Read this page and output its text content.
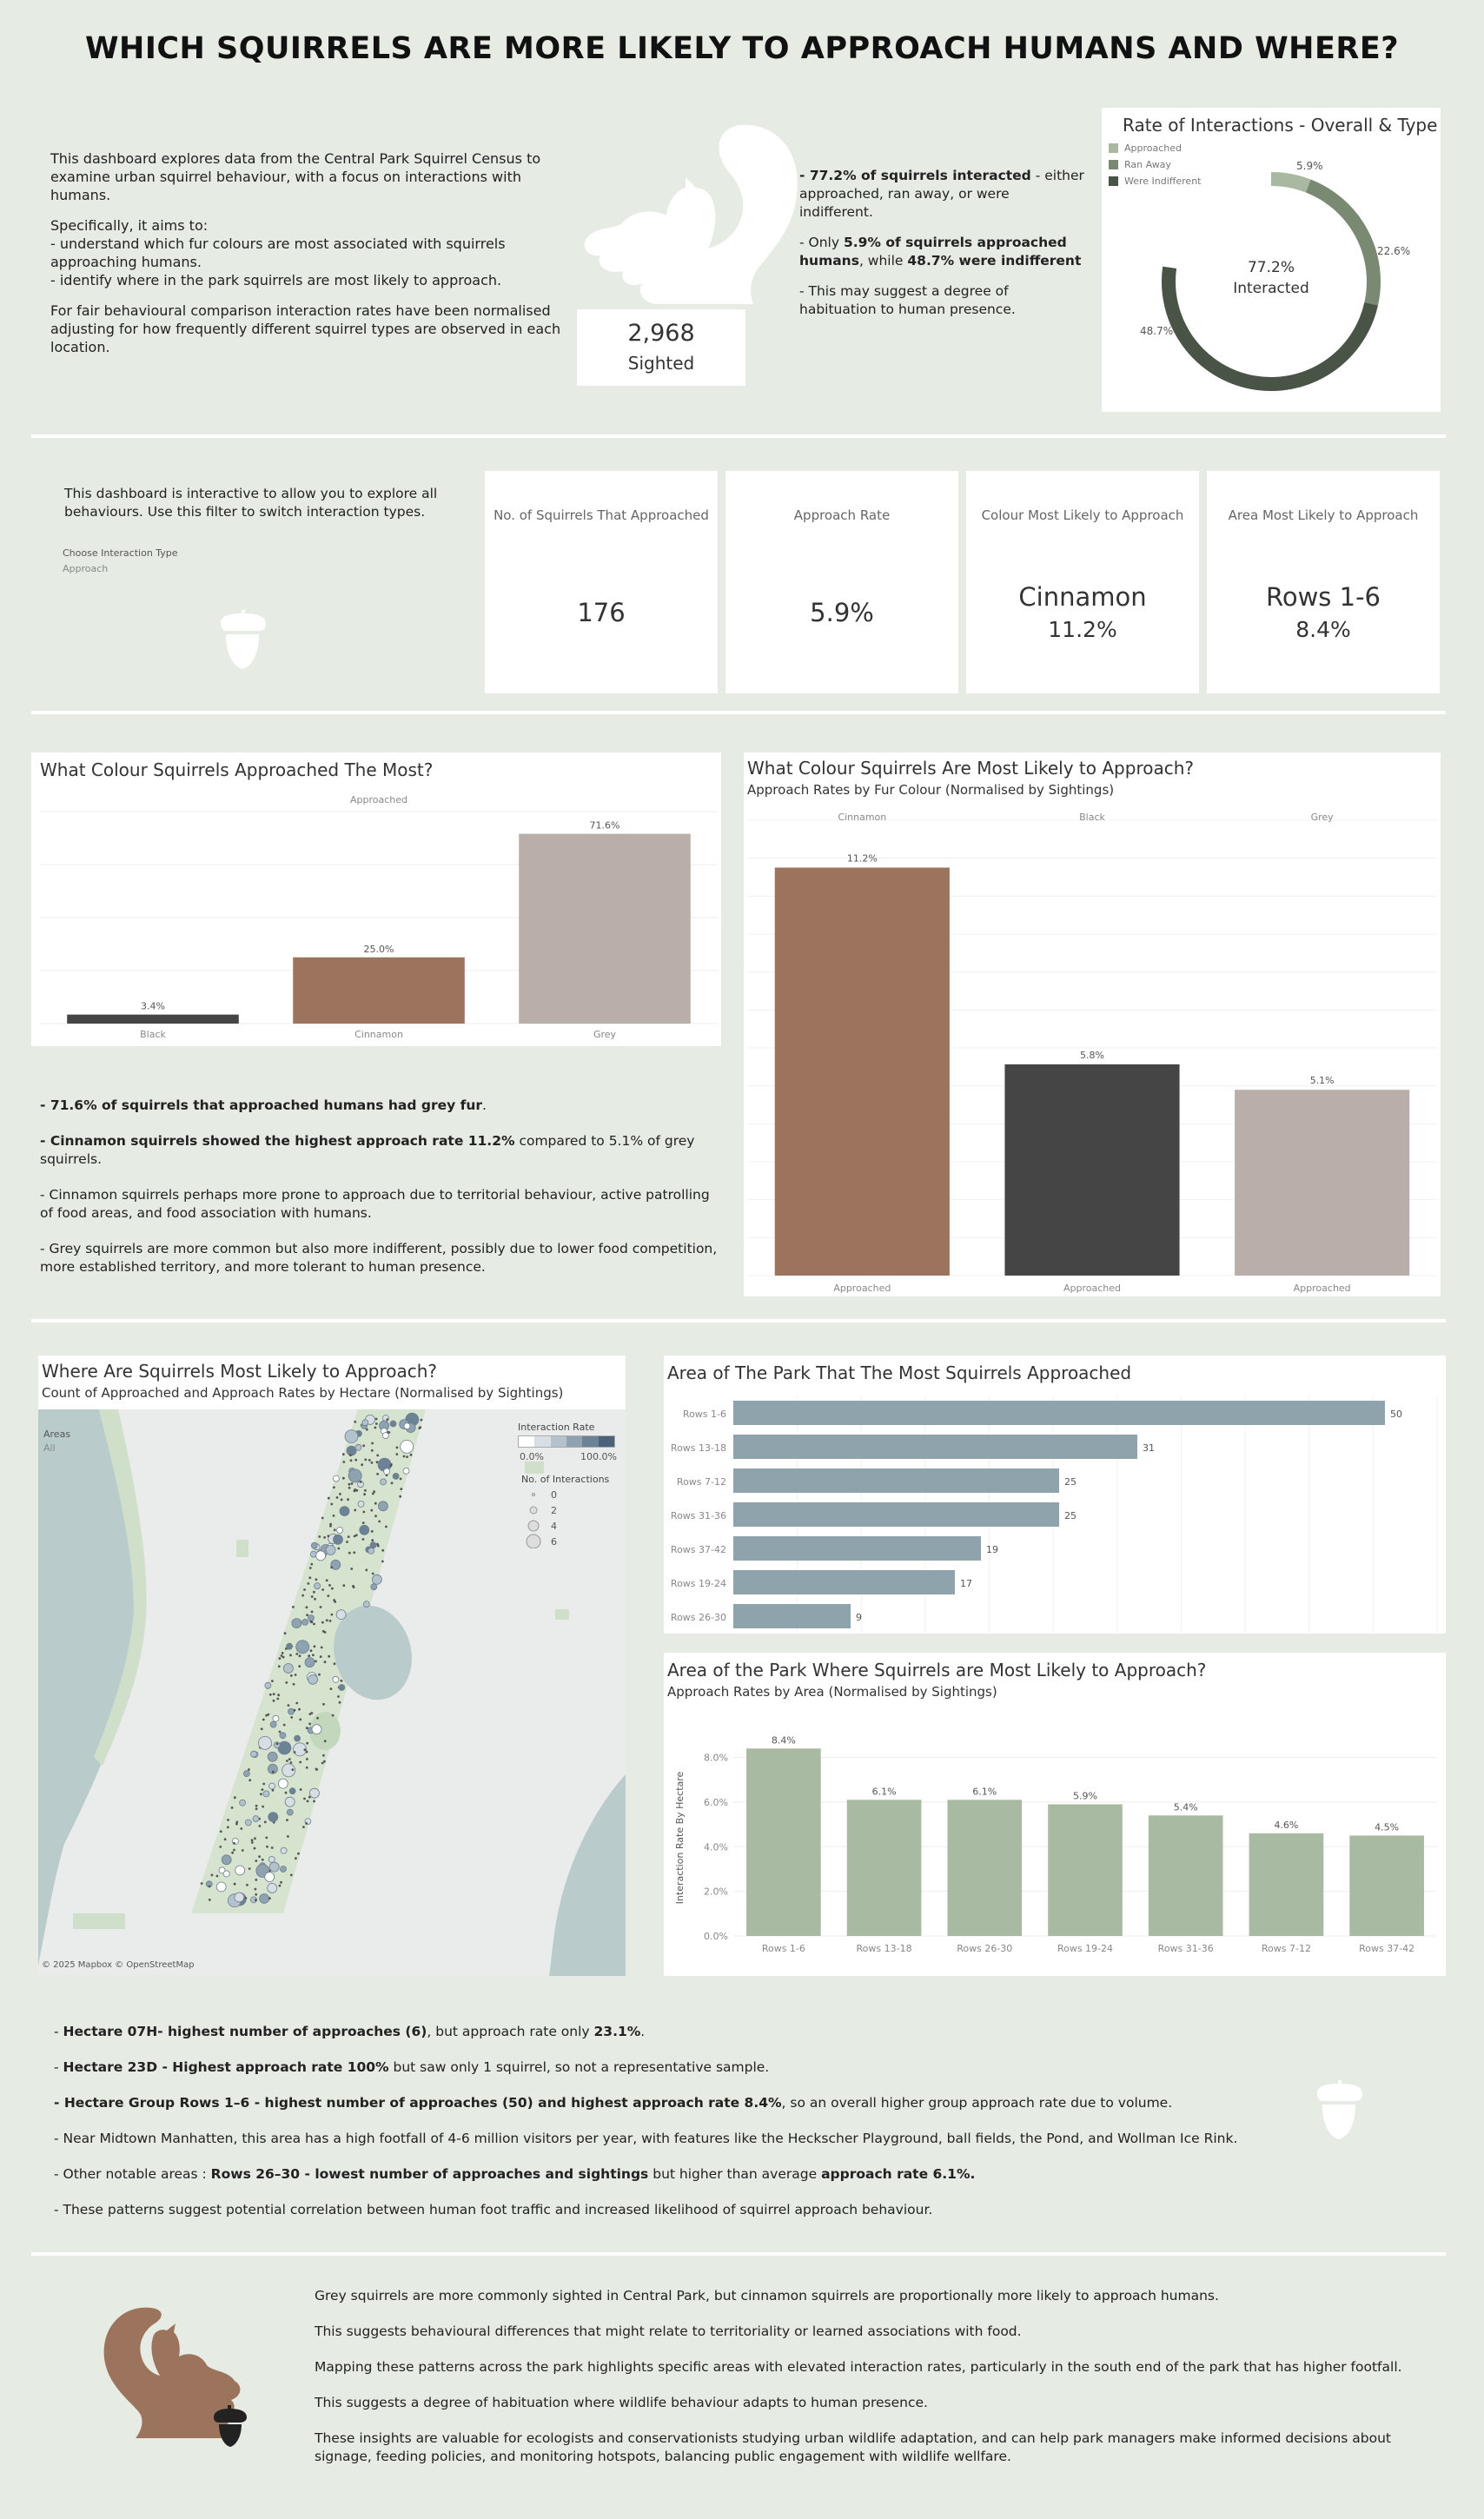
WHICH SQUIRRELS ARE MORE LIKELY TO APPROACH HUMANS AND WHERE?

This dashboard explores data from the Central Park Squirrel Census to examine urban squirrel behaviour, with a focus on interactions with humans.

Specifically, it aims to:
- understand which fur colours are most associated with squirrels approaching humans.
- identify where in the park squirrels are most likely to approach.

For fair behavioural comparison interaction rates have been normalised adjusting for how frequently different squirrel types are observed in each location.

2,968
Sighted

- 77.2% of squirrels interacted - either approached, ran away, or were indifferent.

- Only 5.9% of squirrels approached humans, while 48.7% were indifferent

- This may suggest a degree of habituation to human presence.

Rate of Interactions - Overall & Type
Approached
Ran Away
Were Indifferent
77.2%
Interacted
5.9%
22.6%
48.7%
This dashboard is interactive to allow you to explore all behaviours. Use this filter to switch interaction types.
Choose Interaction Type
Approach
No. of Squirrels That Approached
176
Approach Rate
5.9%
Colour Most Likely to Approach
Cinnamon
11.2%
Area Most Likely to Approach
Rows 1-6
8.4%
What Colour Squirrels Approached The Most?
Approached
3.4%
Black
25.0%
Cinnamon
71.6%
Grey

- 71.6% of squirrels that approached humans had grey fur.

- Cinnamon squirrels showed the highest approach rate 11.2% compared to 5.1% of grey squirrels.

- Cinnamon squirrels perhaps more prone to approach due to territorial behaviour, active patrolling of food areas, and food association with humans.

- Grey squirrels are more common but also more indifferent, possibly due to lower food competition, more established territory, and more tolerant to human presence.

What Colour Squirrels Are Most Likely to Approach?
Approach Rates by Fur Colour (Normalised by Sightings)
Cinnamon
11.2%
Approached
Black
5.8%
Approached
Grey
5.1%
Approached
Where Are Squirrels Most Likely to Approach?
Count of Approached and Approach Rates by Hectare (Normalised by Sightings)
Areas
All
Interaction Rate
0.0%	100.0%
No. of Interactions
0
2
4
6
© 2025 Mapbox © OpenStreetMap
Area of The Park That The Most Squirrels Approached
Rows 1-6	50
Rows 13-18	31
Rows 7-12	25
Rows 31-36	25
Rows 37-42	19
Rows 19-24	17
Rows 26-30	9
Area of the Park Where Squirrels are Most Likely to Approach?
Approach Rates by Area (Normalised by Sightings)
0.0%
2.0%
4.0%
6.0%
8.0%
Interaction Rate By Hectare
8.4%
Rows 1-6
6.1%
Rows 13-18
6.1%
Rows 26-30
5.9%
Rows 19-24
5.4%
Rows 31-36
4.6%
Rows 7-12
4.5%
Rows 37-42

- Hectare 07H- highest number of approaches (6), but approach rate only 23.1%.

- Hectare 23D - Highest approach rate 100% but saw only 1 squirrel, so not a representative sample.

- Hectare Group Rows 1–6 - highest number of approaches (50) and highest approach rate 8.4%, so an overall higher group approach rate due to volume.

- Near Midtown Manhatten, this area has a high footfall of 4-6 million visitors per year, with features like the Heckscher Playground, ball fields, the Pond, and Wollman Ice Rink.

- Other notable areas : Rows 26–30 - lowest number of approaches and sightings but higher than average approach rate 6.1%.

- These patterns suggest potential correlation between human foot traffic and increased likelihood of squirrel approach behaviour.

Grey squirrels are more commonly sighted in Central Park, but cinnamon squirrels are proportionally more likely to approach humans.

This suggests behavioural differences that might relate to territoriality or learned associations with food.

Mapping these patterns across the park highlights specific areas with elevated interaction rates, particularly in the south end of the park that has higher footfall.

This suggests a degree of habituation where wildlife behaviour adapts to human presence.

These insights are valuable for ecologists and conservationists studying urban wildlife adaptation, and can help park managers make informed decisions about signage, feeding policies, and monitoring hotspots, balancing public engagement with wildlife wellfare.
